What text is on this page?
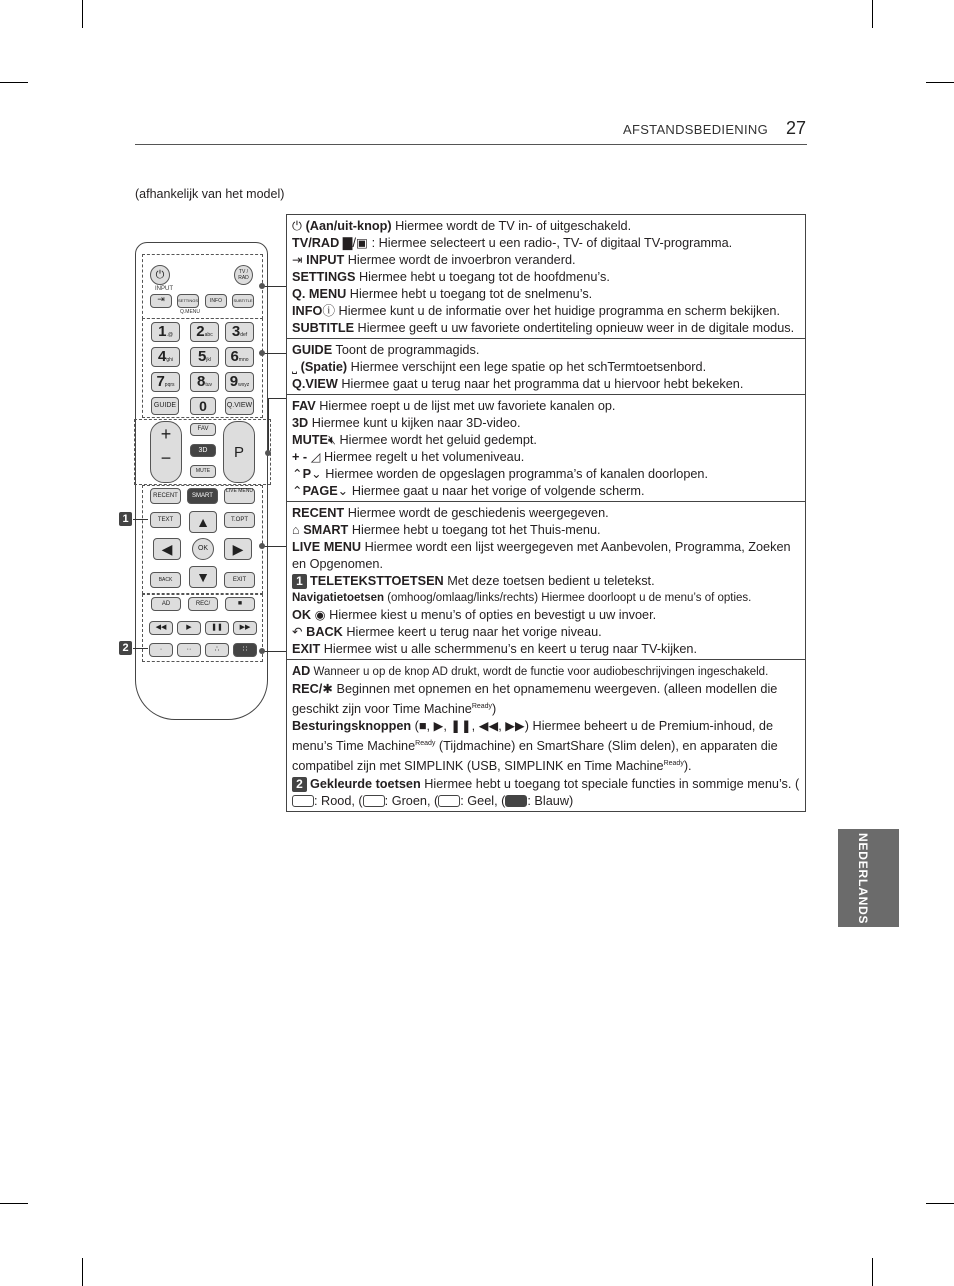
AFSTANDSBEDIENING 27
(afhankelijk van het model)
NEDERLANDS
⏻	TV / RAD
INPUT
⇥	SETTINGS	INFO	SUBTITLE
Q.MENU
1.@	2abc	3def
4ghi	5jkl	6mno
7pqrs	8tuv	9wxyz
GUIDE	0	Q.VIEW
+
−
FAV
3D
MUTE
P
RECENT	SMART
LIVE MENU
TEXT	T.OPT
▲
◀	OK	▶
▼
BACK	EXIT
AD	REC/	■
◀◀	▶	❚❚	▶▶
·	··	∴	∷
1
2

⏻ (Aan/uit-knop) Hiermee wordt de TV in- of uitgeschakeld.

TV/RAD ▇/▣ : Hiermee selecteert u een radio-, TV- of digitaal TV-programma.

⇥ INPUT Hiermee wordt de invoerbron veranderd.

SETTINGS Hiermee hebt u toegang tot de hoofdmenu’s.

Q. MENU Hiermee hebt u toegang tot de snelmenu’s.

INFOⓘ Hiermee kunt u de informatie over het huidige programma en scherm bekijken.

SUBTITLE Hiermee geeft u uw favoriete ondertiteling opnieuw weer in de digitale modus.

GUIDE Toont de programmagids.

⎵ (Spatie) Hiermee verschijnt een lege spatie op het schTermtoetsenbord.

Q.VIEW Hiermee gaat u terug naar het programma dat u hiervoor hebt bekeken.

FAV Hiermee roept u de lijst met uw favoriete kanalen op.

3D Hiermee kunt u kijken naar 3D-video.

MUTE🔇︎ Hiermee wordt het geluid gedempt.

+ - ◿ Hiermee regelt u het volumeniveau.

⌃P⌄ Hiermee worden de opgeslagen programma’s of kanalen doorlopen.

⌃PAGE⌄ Hiermee gaat u naar het vorige of volgende scherm.

RECENT Hiermee wordt de geschiedenis weergegeven.

⌂ SMART Hiermee hebt u toegang tot het Thuis-menu.

LIVE MENU Hiermee wordt een lijst weergegeven met Aanbevolen, Programma, Zoeken en Opgenomen.

1 TELETEKSTTOETSEN Met deze toetsen bedient u teletekst.

Navigatietoetsen (omhoog/omlaag/links/rechts) Hiermee doorloopt u de menu’s of opties.

OK ◉ Hiermee kiest u menu’s of opties en bevestigt u uw invoer.

↶ BACK Hiermee keert u terug naar het vorige niveau.

EXIT Hiermee wist u alle schermmenu’s en keert u terug naar TV-kijken.

AD Wanneer u op de knop AD drukt, wordt de functie voor audiobeschrijvingen ingeschakeld.

REC/✱ Beginnen met opnemen en het opnamemenu weergeven. (alleen modellen die geschikt zijn voor Time Machine$^{Ready}$)

Besturingsknoppen (■, ▶, ❚❚, ◀◀, ▶▶) Hiermee beheert u de Premium-inhoud, de menu’s Time Machine$^{Ready}$ (Tijdmachine) en SmartShare (Slim delen), en apparaten die compatibel zijn met SIMPLINK (USB, SIMPLINK en Time Machine$^{Ready}$).

2 Gekleurde toetsen Hiermee hebt u toegang tot speciale functies in sommige menu’s. (: Rood, ( : Groen, ( : Geel, ( : Blauw)
